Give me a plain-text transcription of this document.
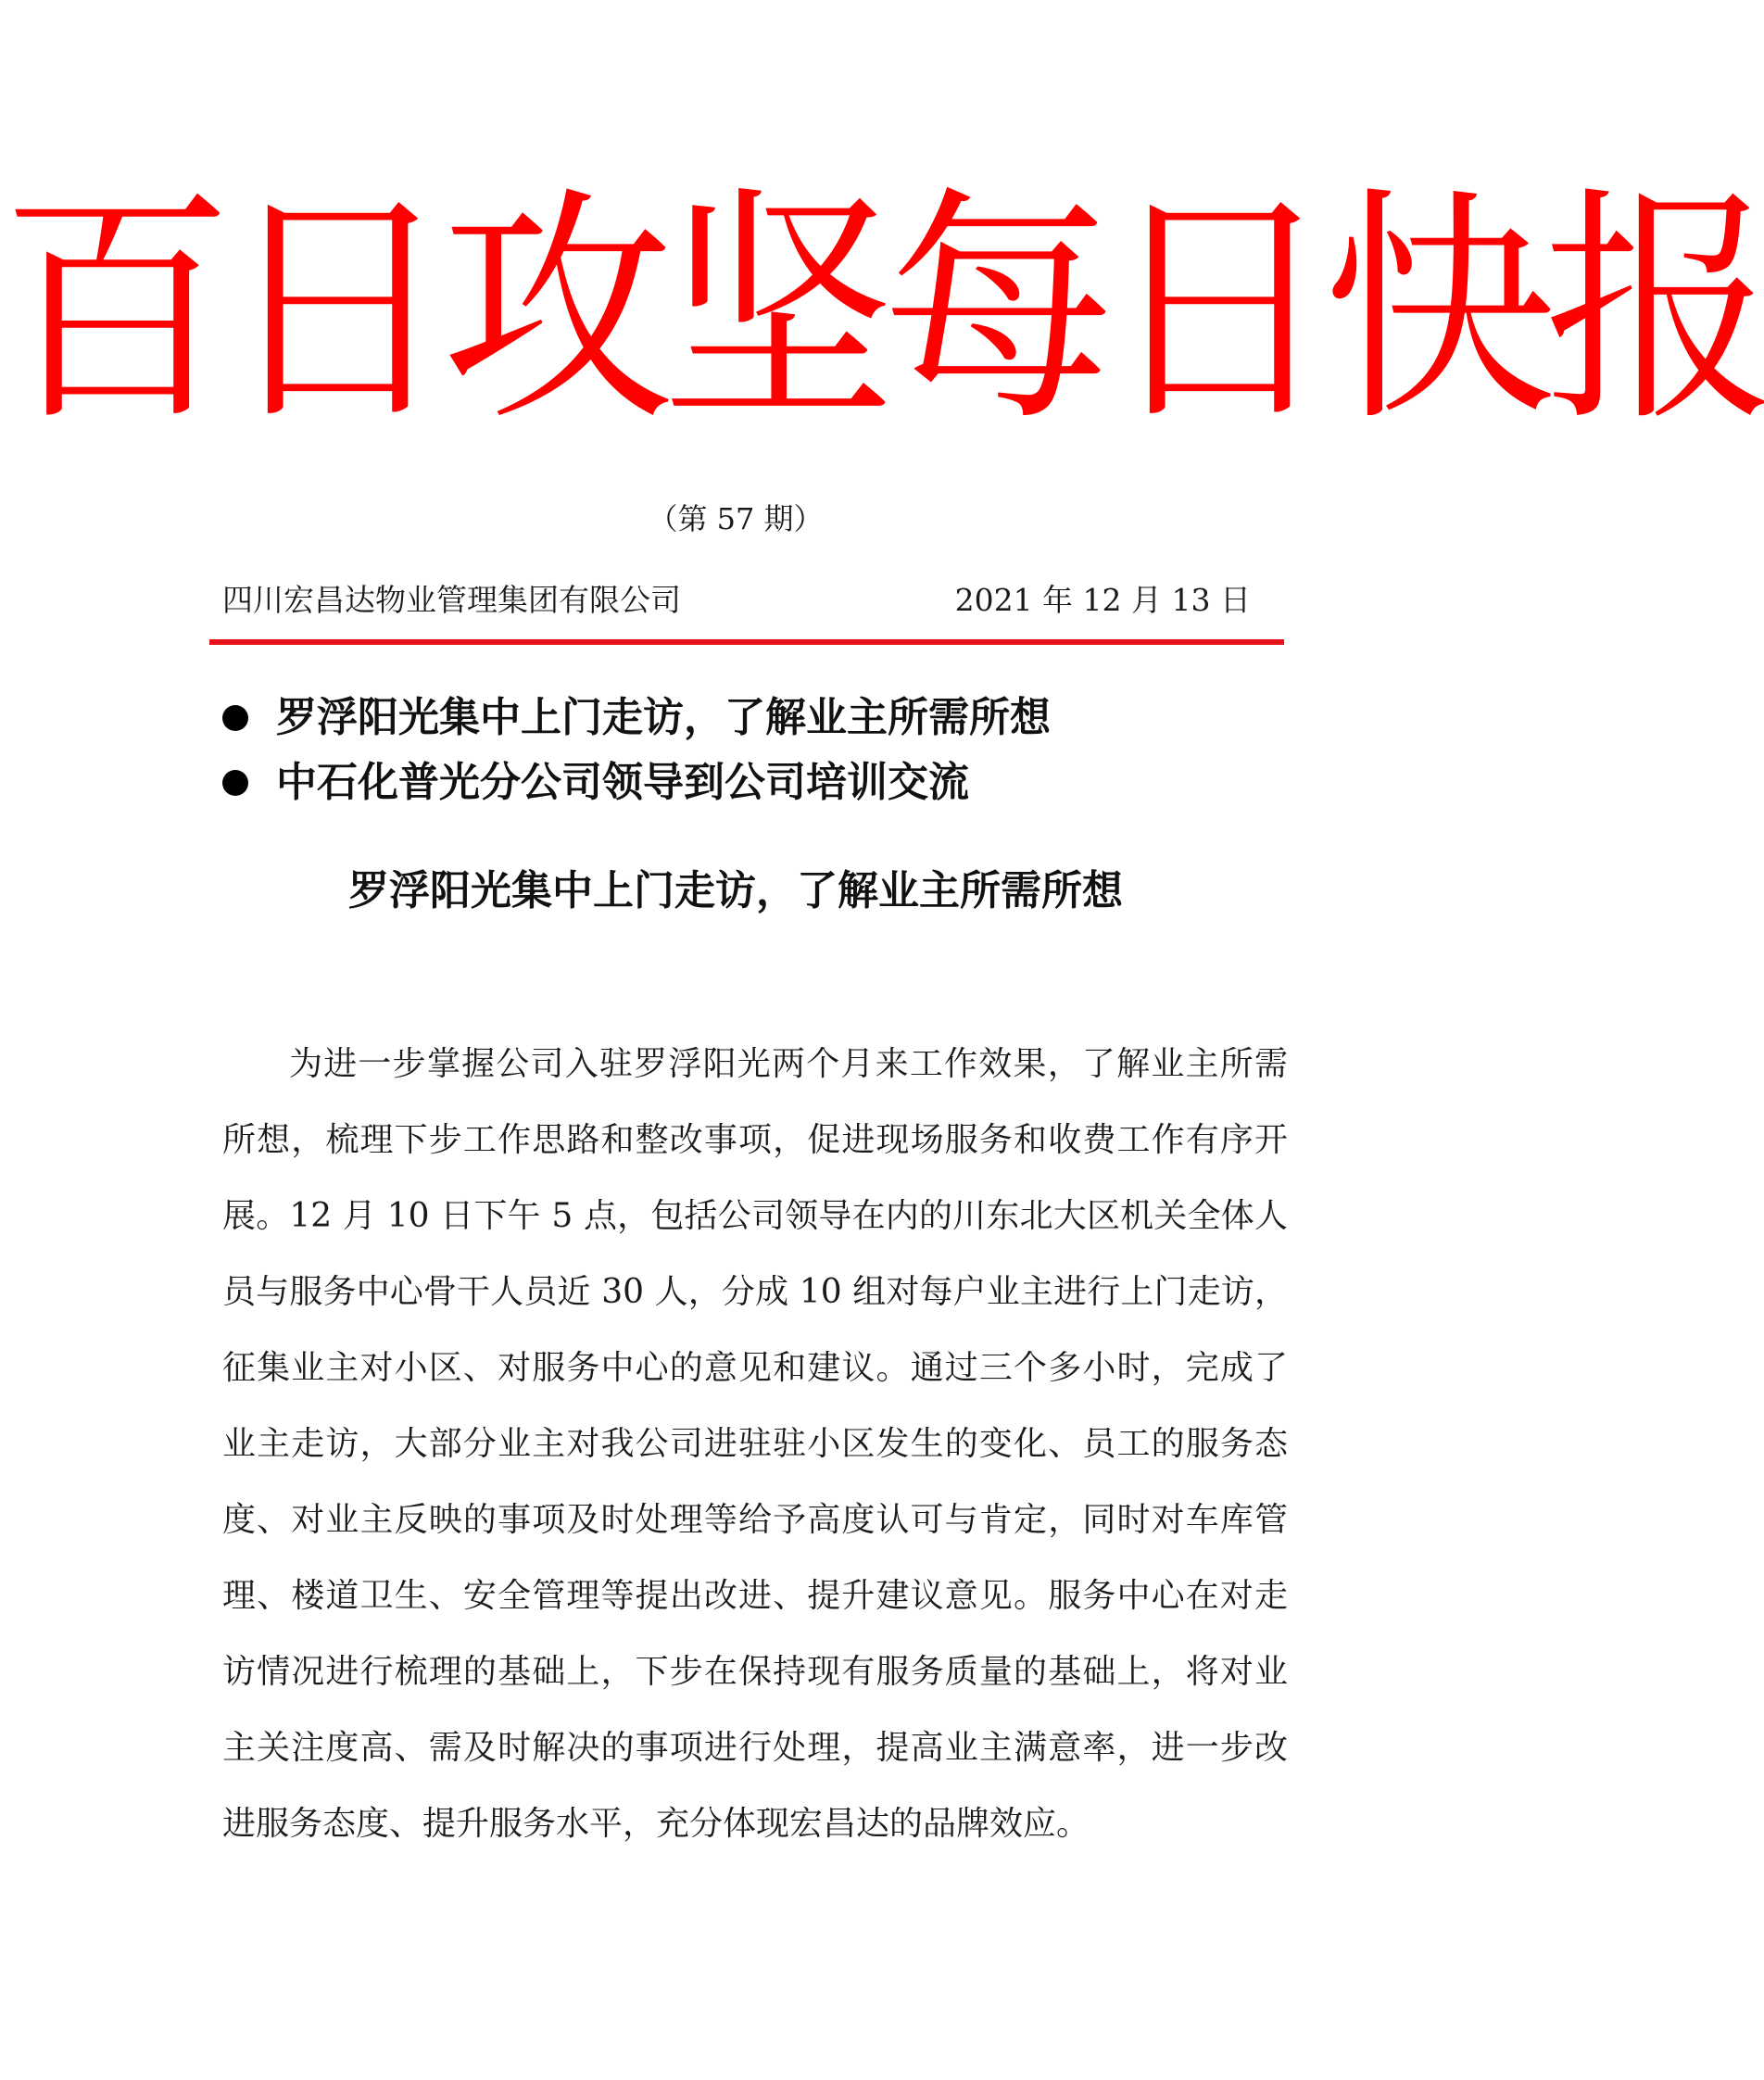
百日攻坚每日快报
（第 57 期）
四川宏昌达物业管理集团有限公司	2021 年 12 月 13 日
罗浮阳光集中上门走访，了解业主所需所想
中石化普光分公司领导到公司培训交流
罗浮阳光集中上门走访，了解业主所需所想

为进一步掌握公司入驻罗浮阳光两个月来工作效果，了解业主所需所想，梳理下步工作思路和整改事项，促进现场服务和收费工作有序开展。12 月 10 日下午 5 点，包括公司领导在内的川东北大区机关全体人员与服务中心骨干人员近 30 人，分成 10 组对每户业主进行上门走访，征集业主对小区、对服务中心的意见和建议。通过三个多小时，完成了业主走访，大部分业主对我公司进驻驻小区发生的变化、员工的服务态度、对业主反映的事项及时处理等给予高度认可与肯定，同时对车库管理、楼道卫生、安全管理等提出改进、提升建议意见。服务中心在对走访情况进行梳理的基础上，下步在保持现有服务质量的基础上，将对业主关注度高、需及时解决的事项进行处理，提高业主满意率，进一步改进服务态度、提升服务水平，充分体现宏昌达的品牌效应。
